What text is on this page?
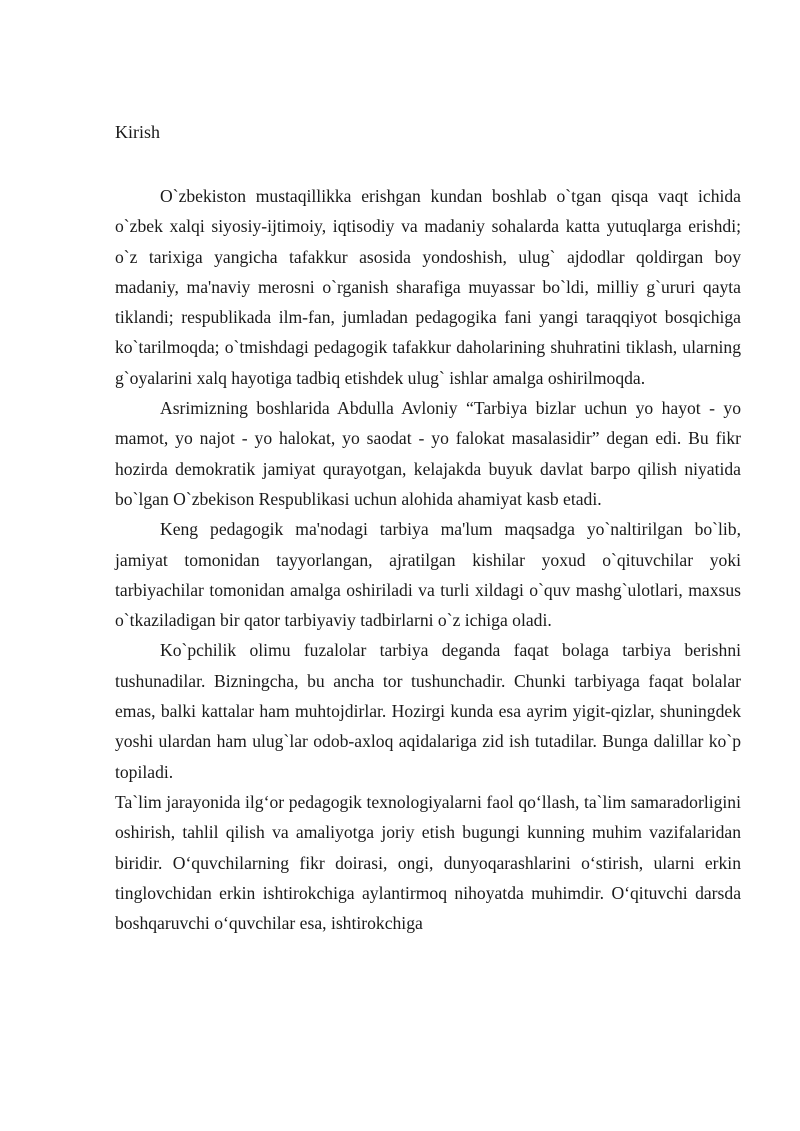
Kirish

O`zbekiston mustaqillikka erishgan kundan boshlab o`tgan qisqa vaqt ichida o`zbek xalqi siyosiy-ijtimoiy, iqtisodiy va madaniy sohalarda katta yutuqlarga erishdi; o`z tarixiga yangicha tafakkur asosida yondoshish, ulug` ajdodlar qoldirgan boy madaniy, ma'naviy merosni o`rganish sharafiga muyassar bo`ldi, milliy g`ururi qayta tiklandi; respublikada ilm-fan, jumladan pedagogika fani yangi taraqqiyot bosqichiga ko`tarilmoqda; o`tmishdagi pedagogik tafakkur daholarining shuhratini tiklash, ularning g`oyalarini xalq hayotiga tadbiq etishdek ulug` ishlar amalga oshirilmoqda.

Asrimizning boshlarida Abdulla Avloniy “Tarbiya bizlar uchun yo hayot - yo mamot, yo najot - yo halokat, yo saodat - yo falokat masalasidir” degan edi. Bu fikr hozirda demokratik jamiyat qurayotgan, kelajakda buyuk davlat barpo qilish niyatida bo`lgan O`zbekison Respublikasi uchun alohida ahamiyat kasb etadi.

Keng pedagogik ma'nodagi tarbiya ma'lum maqsadga yo`naltirilgan bo`lib, jamiyat tomonidan tayyorlangan, ajratilgan kishilar yoxud o`qituvchilar yoki tarbiyachilar tomonidan amalga oshiriladi va turli xildagi o`quv mashg`ulotlari, maxsus o`tkaziladigan bir qator tarbiyaviy tadbirlarni o`z ichiga oladi.

Ko`pchilik olimu fuzalolar tarbiya deganda faqat bolaga tarbiya berishni tushunadilar. Bizningcha, bu ancha tor tushunchadir. Chunki tarbiyaga faqat bolalar emas, balki kattalar ham muhtojdirlar. Hozirgi kunda esa ayrim yigit-qizlar, shuningdek yoshi ulardan ham ulug`lar odob-axloq aqidalariga zid ish tutadilar. Bunga dalillar ko`p topiladi.

Ta`lim jarayonida ilg‘or pedagogik texnologiyalarni faol qo‘llash, ta`lim samaradorligini oshirish, tahlil qilish va amaliyotga joriy etish bugungi kunning muhim vazifalaridan biridir. O‘quvchilarning fikr doirasi, ongi, dunyoqarashlarini o‘stirish, ularni erkin tinglovchidan erkin ishtirokchiga aylantirmoq nihoyatda muhimdir. O‘qituvchi darsda boshqaruvchi o‘quvchilar esa, ishtirokchiga
